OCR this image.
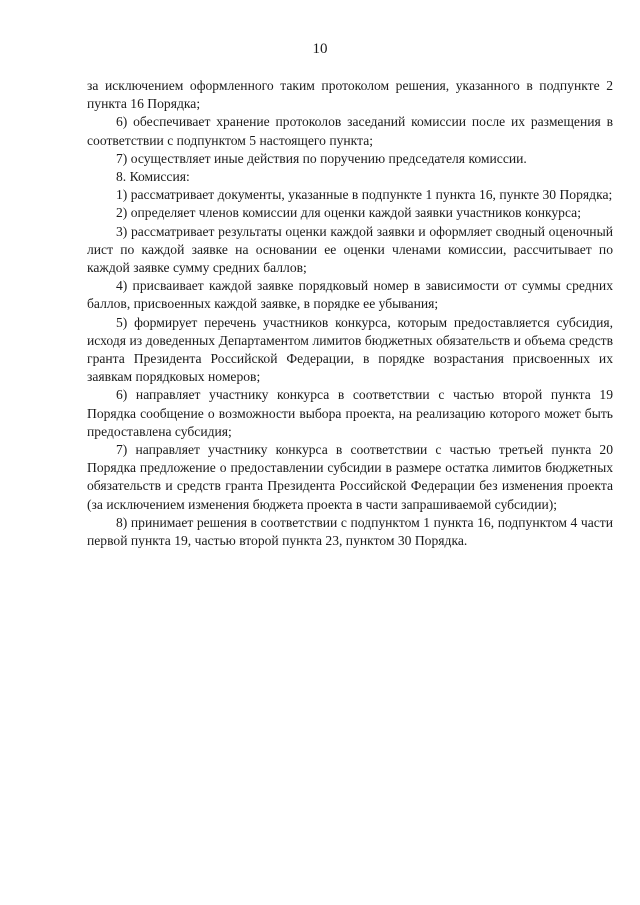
10

за исключением оформленного таким протоколом решения, указанного в подпункте 2 пункта 16 Порядка;

6) обеспечивает хранение протоколов заседаний комиссии после их размещения в соответствии с подпунктом 5 настоящего пункта;

7) осуществляет иные действия по поручению председателя комиссии.

8. Комиссия:

1) рассматривает документы, указанные в подпункте 1 пункта 16, пункте 30 Порядка;

2) определяет членов комиссии для оценки каждой заявки участников конкурса;

3) рассматривает результаты оценки каждой заявки и оформляет сводный оценочный лист по каждой заявке на основании ее оценки членами комиссии, рассчитывает по каждой заявке сумму средних баллов;

4) присваивает каждой заявке порядковый номер в зависимости от суммы средних баллов, присвоенных каждой заявке, в порядке ее убывания;

5) формирует перечень участников конкурса, которым предоставляется субсидия, исходя из доведенных Департаментом лимитов бюджетных обязательств и объема средств гранта Президента Российской Федерации, в порядке возрастания присвоенных их заявкам порядковых номеров;

6) направляет участнику конкурса в соответствии с частью второй пункта 19 Порядка сообщение о возможности выбора проекта, на реализацию которого может быть предоставлена субсидия;

7) направляет участнику конкурса в соответствии с частью третьей пункта 20 Порядка предложение о предоставлении субсидии в размере остатка лимитов бюджетных обязательств и средств гранта Президента Российской Федерации без изменения проекта (за исключением изменения бюджета проекта в части запрашиваемой субсидии);

8) принимает решения в соответствии с подпунктом 1 пункта 16, подпунктом 4 части первой пункта 19, частью второй пункта 23, пунктом 30 Порядка.
